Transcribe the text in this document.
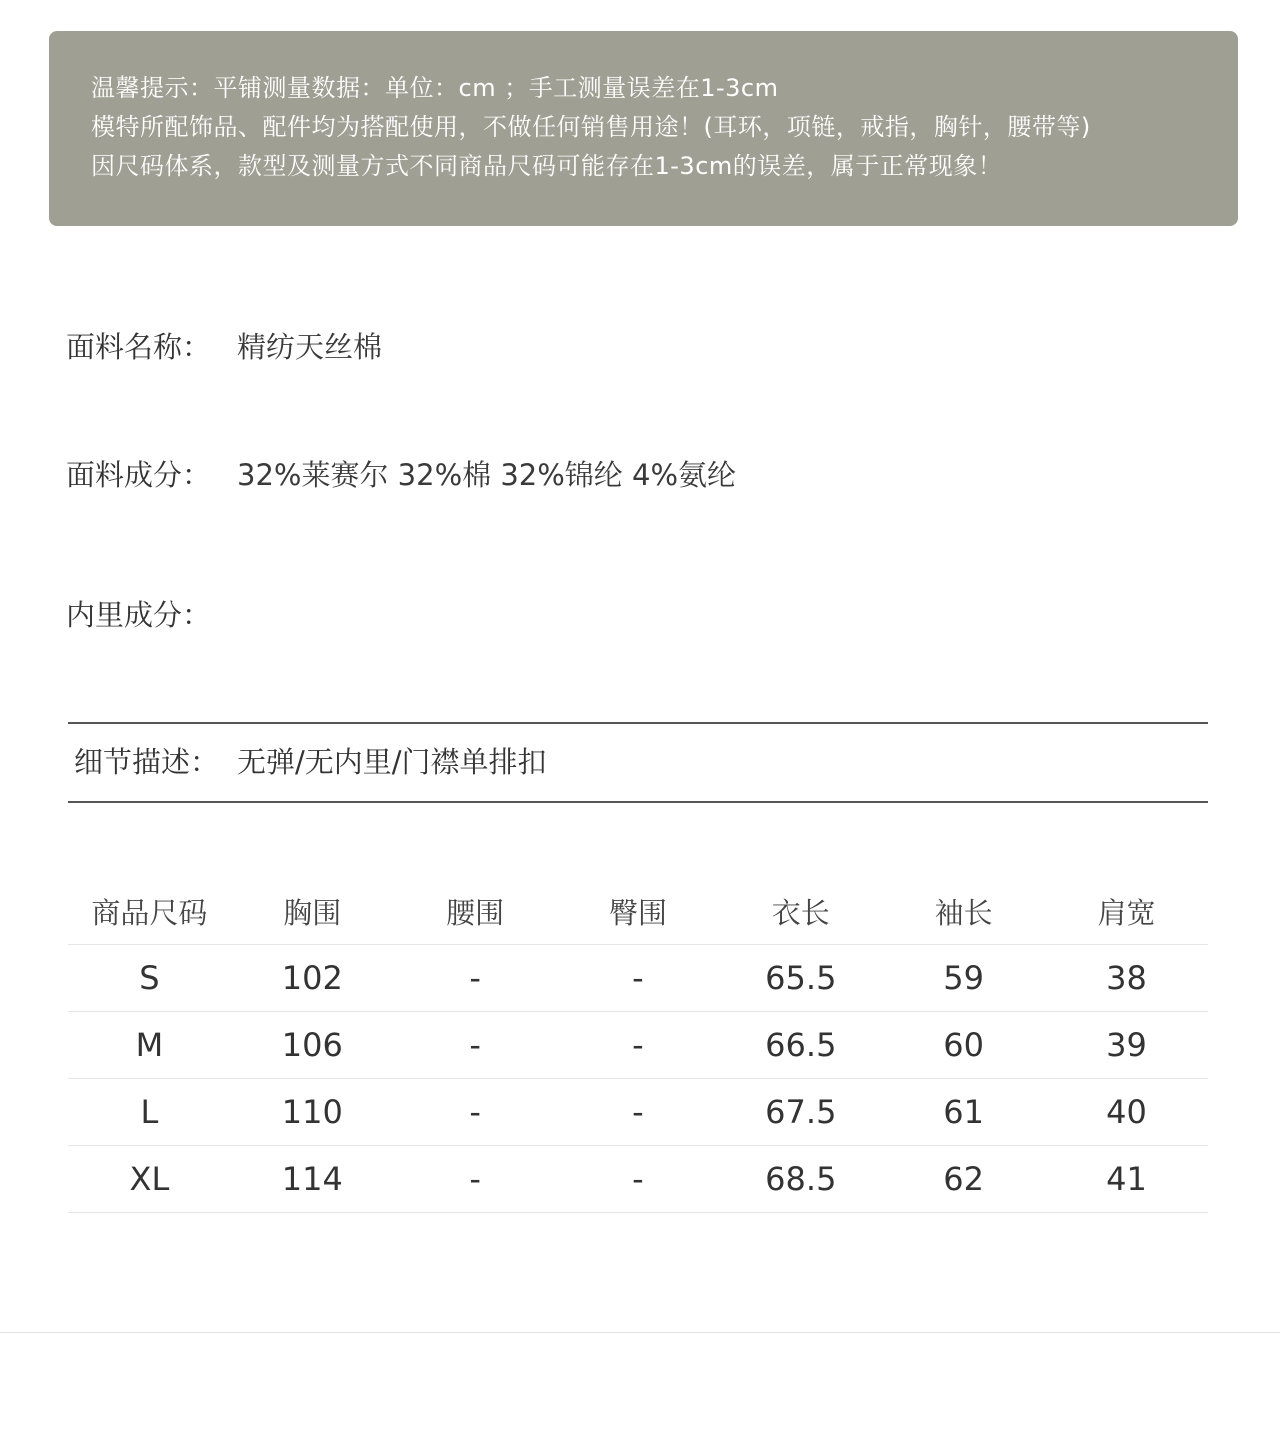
温馨提示：平铺测量数据：单位：cm ；手工测量误差在1-3cm
模特所配饰品、配件均为搭配使用，不做任何销售用途！(耳环，项链，戒指，胸针，腰带等)
因尺码体系，款型及测量方式不同商品尺码可能存在1-3cm的误差，属于正常现象！
面料名称： 精纺天丝棉
面料成分： 32%莱赛尔 32%棉 32%锦纶 4%氨纶
内里成分：
细节描述： 无弹/无内里/门襟单排扣
商品尺码	胸围	腰围	臀围	衣长	袖长	肩宽
S	102	-	-	65.5	59	38
M	106	-	-	66.5	60	39
L	110	-	-	67.5	61	40
XL	114	-	-	68.5	62	41
